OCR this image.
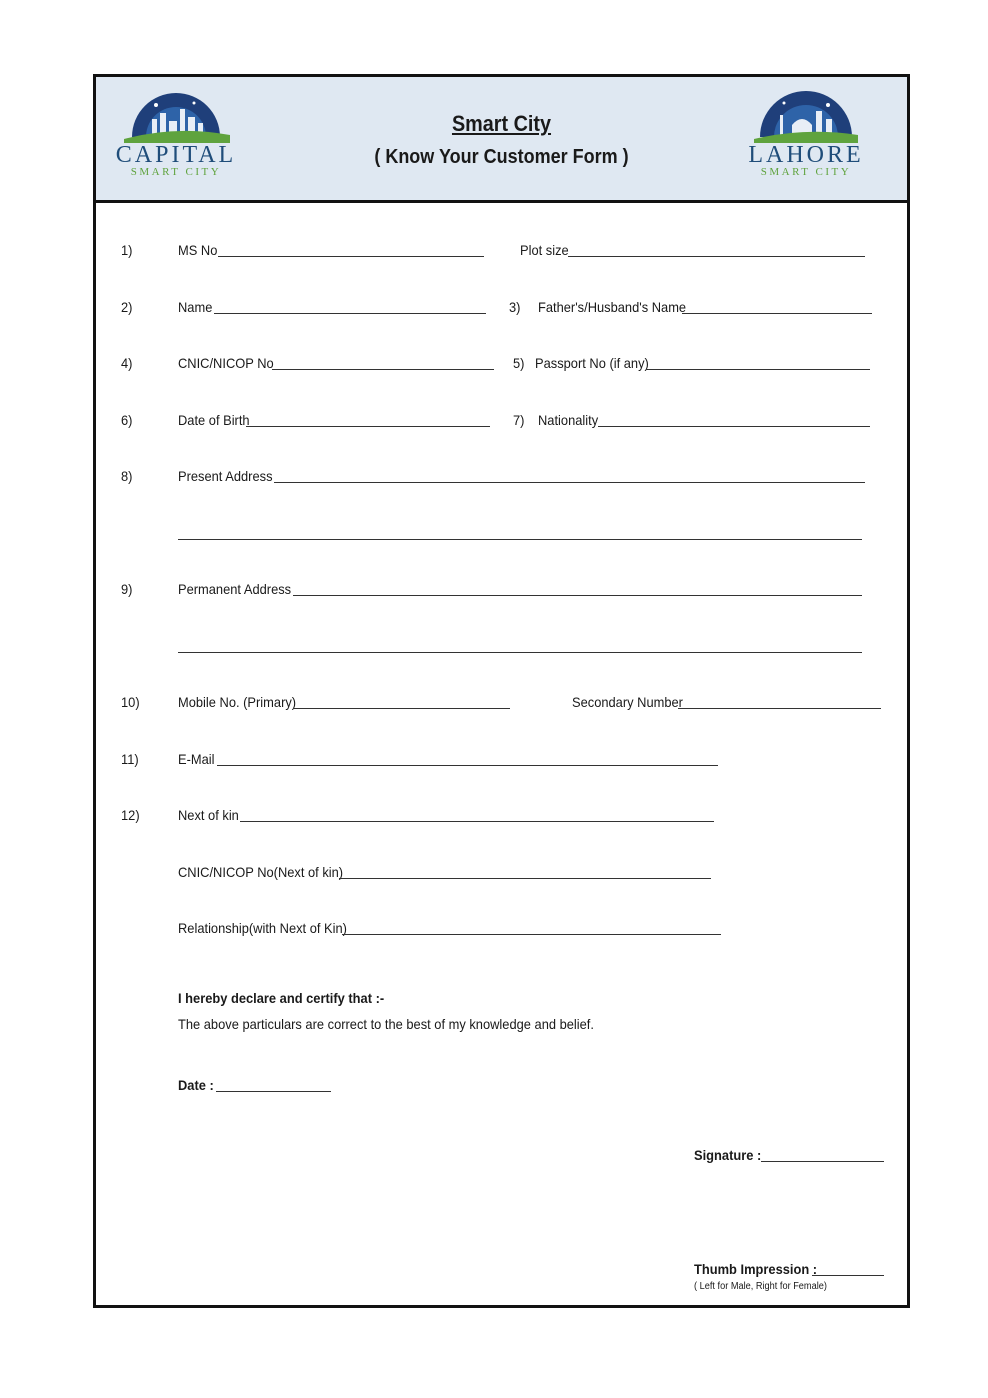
CAPITAL
SMART CITY
Smart City
( Know Your Customer Form )	LAHORE
SMART CITY
1)	MS No	Plot size
2)	Name	3) Father's/Husband's Name
4)	CNIC/NICOP No	5) Passport No (if any)
6)	Date of Birth	7) Nationality
8)	Present Address
9)	Permanent Address
10)	Mobile No. (Primary)	Secondary Number
11)	E-Mail
12)	Next of kin
CNIC/NICOP No(Next of kin)
Relationship(with Next of Kin)
I hereby declare and certify that :-
The above particulars are correct to the best of my knowledge and belief.
Date :
Signature :
Thumb Impression :
( Left for Male, Right for Female)
